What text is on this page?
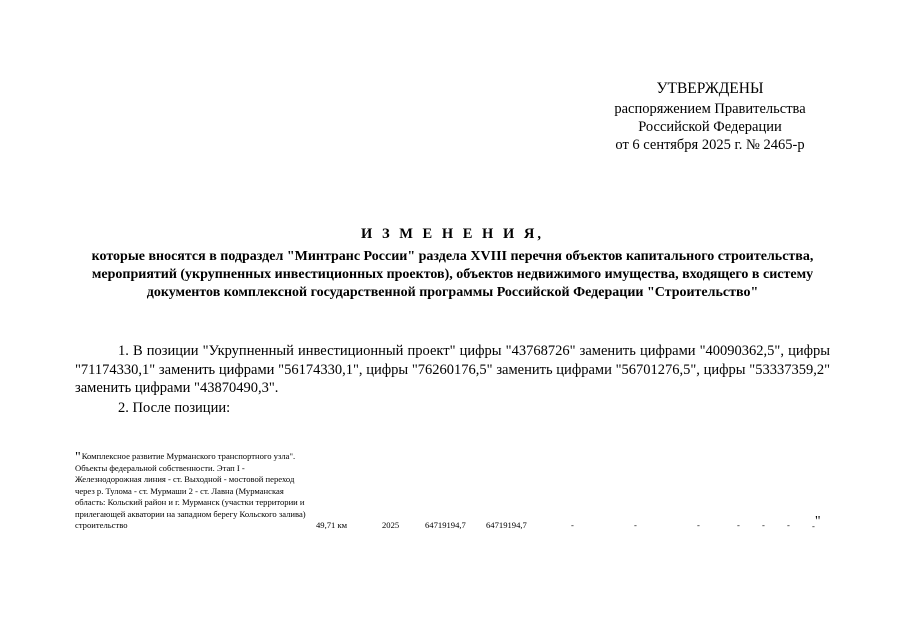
УТВЕРЖДЕНЫ
распоряжением Правительства
Российской Федерации
от 6 сентября 2025 г. № 2465-р
И З М Е Н Е Н И Я,
которые вносятся в подраздел "Минтранс России" раздела XVIII перечня объектов капитального строительства, мероприятий (укрупненных инвестиционных проектов), объектов недвижимого имущества, входящего в систему документов комплексной государственной программы Российской Федерации "Строительство"
1. В позиции "Укрупненный инвестиционный проект" цифры "43768726" заменить цифрами "40090362,5", цифры "71174330,1" заменить цифрами "56174330,1", цифры "76260176,5" заменить цифрами "56701276,5", цифры "53337359,2" заменить цифрами "43870490,3".
2. После позиции:
"Комплексное развитие Мурманского транспортного узла". Объекты федеральной собственности. Этап I - Железнодорожная линия - ст. Выходной - мостовой переход через р. Тулома - ст. Мурмаши 2 - ст. Лавна (Мурманская область: Кольский район и г. Мурманск (участки территории и прилегающей акватории на западном берегу Кольского залива)
строительство	49,71 км	2025	64719194,7 64719194,7	-	-	-	-	-	-	-"
